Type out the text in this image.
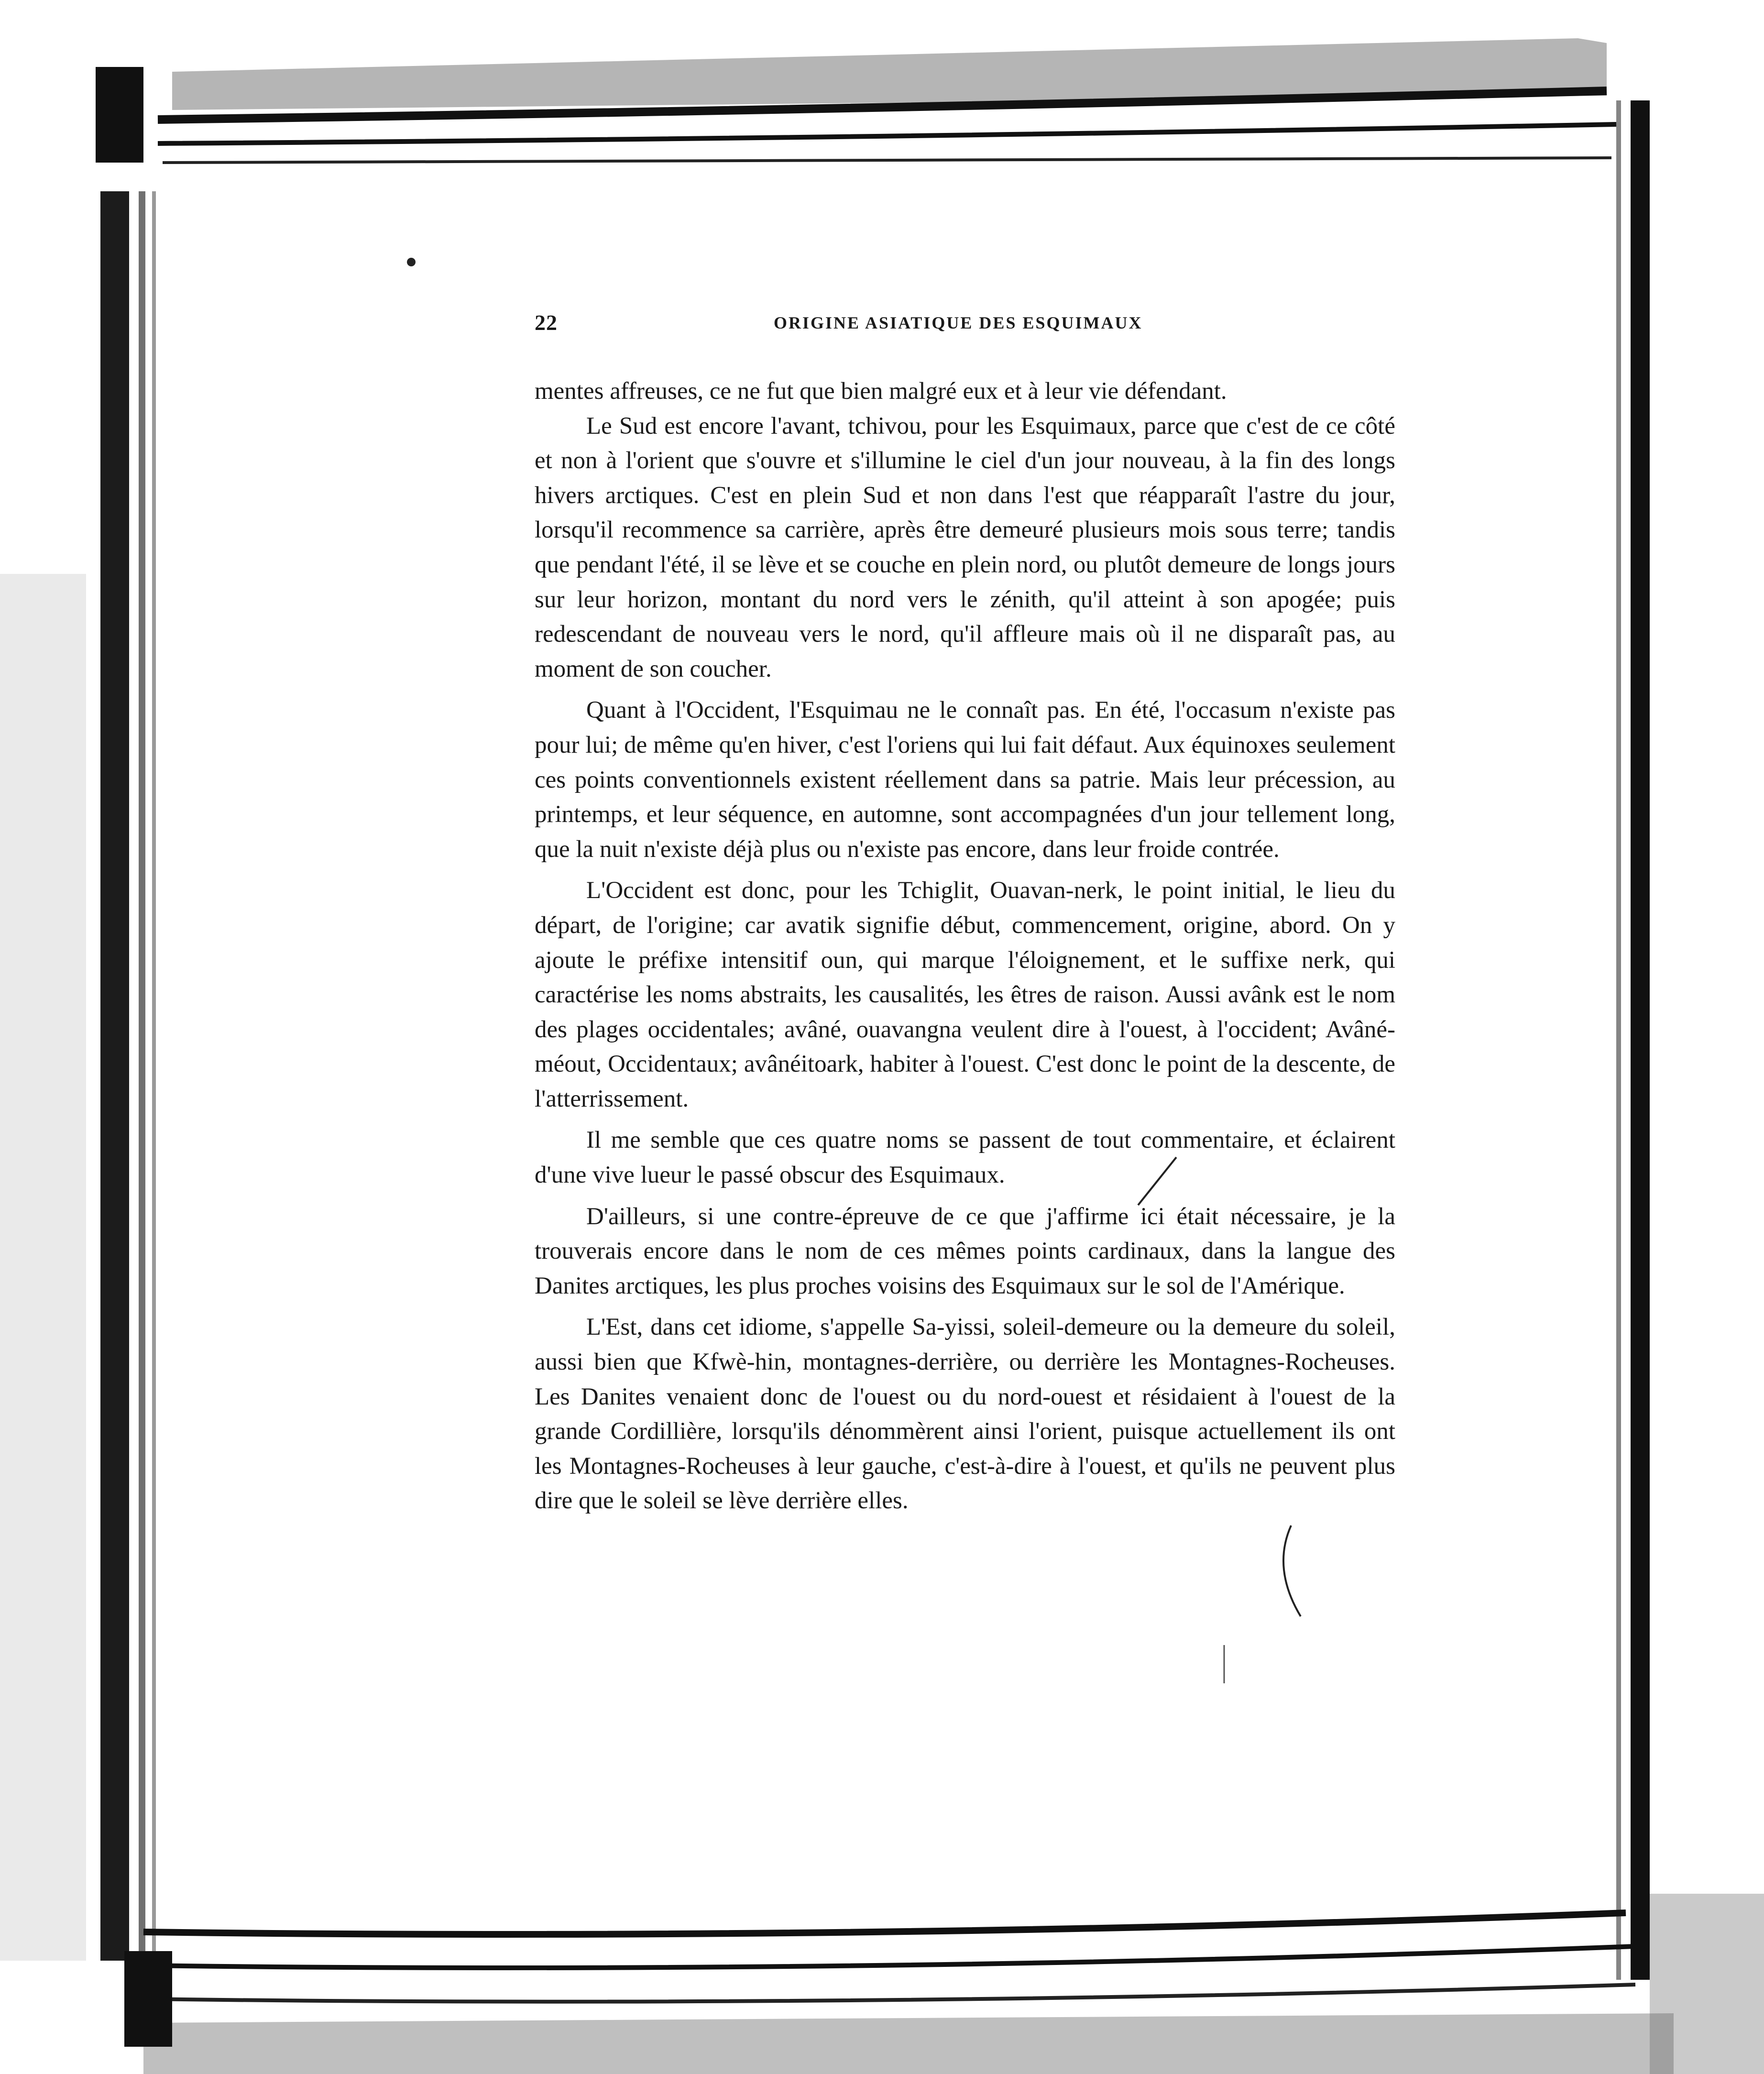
22	ORIGINE ASIATIQUE DES ESQUIMAUX

mentes affreuses, ce ne fut que bien malgré eux et à leur vie défendant.

Le Sud est encore l'avant, tchivou, pour les Esquimaux, parce que c'est de ce côté et non à l'orient que s'ouvre et s'illumine le ciel d'un jour nouveau, à la fin des longs hivers arctiques. C'est en plein Sud et non dans l'est que réapparaît l'astre du jour, lorsqu'il recommence sa carrière, après être demeuré plusieurs mois sous terre; tandis que pendant l'été, il se lève et se couche en plein nord, ou plutôt demeure de longs jours sur leur horizon, montant du nord vers le zénith, qu'il atteint à son apogée; puis redescendant de nouveau vers le nord, qu'il affleure mais où il ne disparaît pas, au moment de son coucher.

Quant à l'Occident, l'Esquimau ne le connaît pas. En été, l'occasum n'existe pas pour lui; de même qu'en hiver, c'est l'oriens qui lui fait défaut. Aux équinoxes seulement ces points conventionnels existent réellement dans sa patrie. Mais leur précession, au printemps, et leur séquence, en automne, sont accompagnées d'un jour tellement long, que la nuit n'existe déjà plus ou n'existe pas encore, dans leur froide contrée.

L'Occident est donc, pour les Tchiglit, Ouavan-nerk, le point initial, le lieu du départ, de l'origine; car avatik signifie début, commencement, origine, abord. On y ajoute le préfixe intensitif oun, qui marque l'éloignement, et le suffixe nerk, qui caractérise les noms abstraits, les causalités, les êtres de raison. Aussi avânk est le nom des plages occidentales; avâné, ouavangna veulent dire à l'ouest, à l'occident; Avâné-méout, Occidentaux; avânéitoark, habiter à l'ouest. C'est donc le point de la descente, de l'atterrissement.

Il me semble que ces quatre noms se passent de tout commentaire, et éclairent d'une vive lueur le passé obscur des Esquimaux.

D'ailleurs, si une contre-épreuve de ce que j'affirme ici était nécessaire, je la trouverais encore dans le nom de ces mêmes points cardinaux, dans la langue des Danites arctiques, les plus proches voisins des Esquimaux sur le sol de l'Amérique.

L'Est, dans cet idiome, s'appelle Sa-yissi, soleil-demeure ou la demeure du soleil, aussi bien que Kfwè-hin, montagnes-derrière, ou derrière les Montagnes-Rocheuses. Les Danites venaient donc de l'ouest ou du nord-ouest et résidaient à l'ouest de la grande Cordillière, lorsqu'ils dénommèrent ainsi l'orient, puisque actuellement ils ont les Montagnes-Rocheuses à leur gauche, c'est-à-dire à l'ouest, et qu'ils ne peuvent plus dire que le soleil se lève derrière elles.
